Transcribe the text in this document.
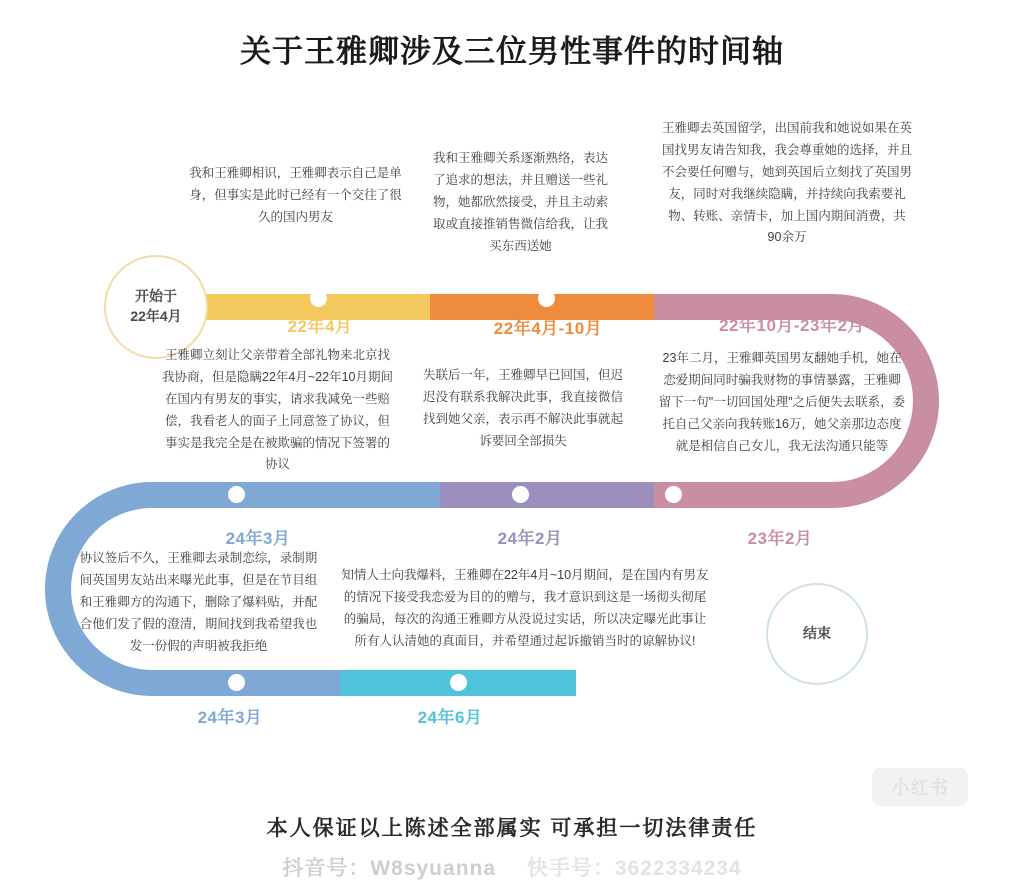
关于王雅卿涉及三位男性事件的时间轴
开始于
22年4月
结束
我和王雅卿相识，王雅卿表示自己是单身，但事实是此时已经有一个交往了很久的国内男友
22年4月
我和王雅卿关系逐渐熟络，表达了追求的想法，并且赠送一些礼物，她都欣然接受，并且主动索取或直接推销售微信给我，让我买东西送她
22年4月-10月
王雅卿去英国留学，出国前我和她说如果在英国找男友请告知我，我会尊重她的选择，并且不会要任何赠与，她到英国后立刻找了英国男友，同时对我继续隐瞒，并持续向我索要礼物、转账、亲情卡，加上国内期间消费，共90余万
22年10月-23年2月
23年二月，王雅卿英国男友翻她手机，她在恋爱期间同时骗我财物的事情暴露，王雅卿留下一句"一切回国处理"之后便失去联系，委托自己父亲向我转账16万，她父亲那边态度就是相信自己女儿，我无法沟通只能等
23年2月
失联后一年，王雅卿早已回国，但迟迟没有联系我解决此事，我直接微信找到她父亲，表示再不解决此事就起诉要回全部损失
24年2月
王雅卿立刻让父亲带着全部礼物来北京找我协商，但是隐瞒22年4月~22年10月期间在国内有男友的事实，请求我减免一些赔偿，我看老人的面子上同意签了协议，但事实是我完全是在被欺骗的情况下签署的协议
24年3月
协议签后不久，王雅卿去录制恋综，录制期间英国男友站出来曝光此事，但是在节目组和王雅卿方的沟通下，删除了爆料贴，并配合他们发了假的澄清，期间找到我希望我也发一份假的声明被我拒绝
24年3月
知情人士向我爆料，王雅卿在22年4月~10月期间，是在国内有男友的情况下接受我恋爱为目的的赠与，我才意识到这是一场彻头彻尾的骗局，每次的沟通王雅卿方从没说过实话，所以决定曝光此事让所有人认清她的真面目，并希望通过起诉撤销当时的谅解协议!
24年6月
本人保证以上陈述全部属实 可承担一切法律责任
小红书
抖音号：W8syuanna 快手号：3622334234
